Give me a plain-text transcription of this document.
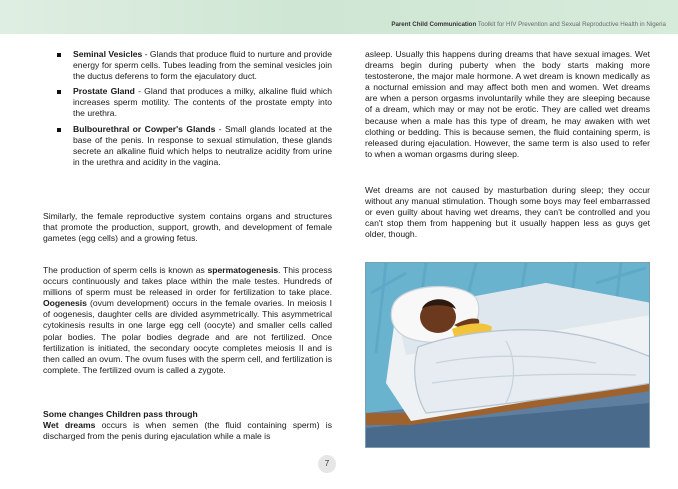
Parent Child Communication Toolkit for HIV Prevention and Sexual Reproductive Health in Nigeria
Seminal Vesicles - Glands that produce fluid to nurture and provide energy for sperm cells. Tubes leading from the seminal vesicles join the ductus deferens to form the ejaculatory duct.
Prostate Gland - Gland that produces a milky, alkaline fluid which increases sperm motility. The contents of the prostate empty into the urethra.
Bulbourethral or Cowper's Glands - Small glands located at the base of the penis. In response to sexual stimulation, these glands secrete an alkaline fluid which helps to neutralize acidity from urine in the urethra and acidity in the vagina.

Similarly, the female reproductive system contains organs and structures that promote the production, support, growth, and development of female gametes (egg cells) and a growing fetus.

The production of sperm cells is known as spermatogenesis. This process occurs continuously and takes place within the male testes. Hundreds of millions of sperm must be released in order for fertilization to take place. Oogenesis (ovum development) occurs in the female ovaries. In meiosis I of oogenesis, daughter cells are divided asymmetrically. This asymmetrical cytokinesis results in one large egg cell (oocyte) and smaller cells called polar bodies. The polar bodies degrade and are not fertilized. Once fertilization is initiated, the secondary oocyte completes meiosis II and is then called an ovum. The ovum fuses with the sperm cell, and fertilization is complete. The fertilized ovum is called a zygote.

Some changes Children pass through

Wet dreams occurs is when semen (the fluid containing sperm) is discharged from the penis during ejaculation while a male is

asleep. Usually this happens during dreams that have sexual images. Wet dreams begin during puberty when the body starts making more testosterone, the major male hormone. A wet dream is known medically as a nocturnal emission and may affect both men and women. Wet dreams are when a person orgasms involuntarily while they are sleeping because of a dream, which may or may not be erotic. They are called wet dreams because when a male has this type of dream, he may awaken with wet clothing or bedding. This is because semen, the fluid containing sperm, is released during ejaculation. However, the same term is also used to refer to when a woman orgasms during sleep.

Wet dreams are not caused by masturbation during sleep; they occur without any manual stimulation. Though some boys may feel embarrassed or even guilty about having wet dreams, they can't be controlled and you can't stop them from happening but it usually happen less as guys get older, though.

7
